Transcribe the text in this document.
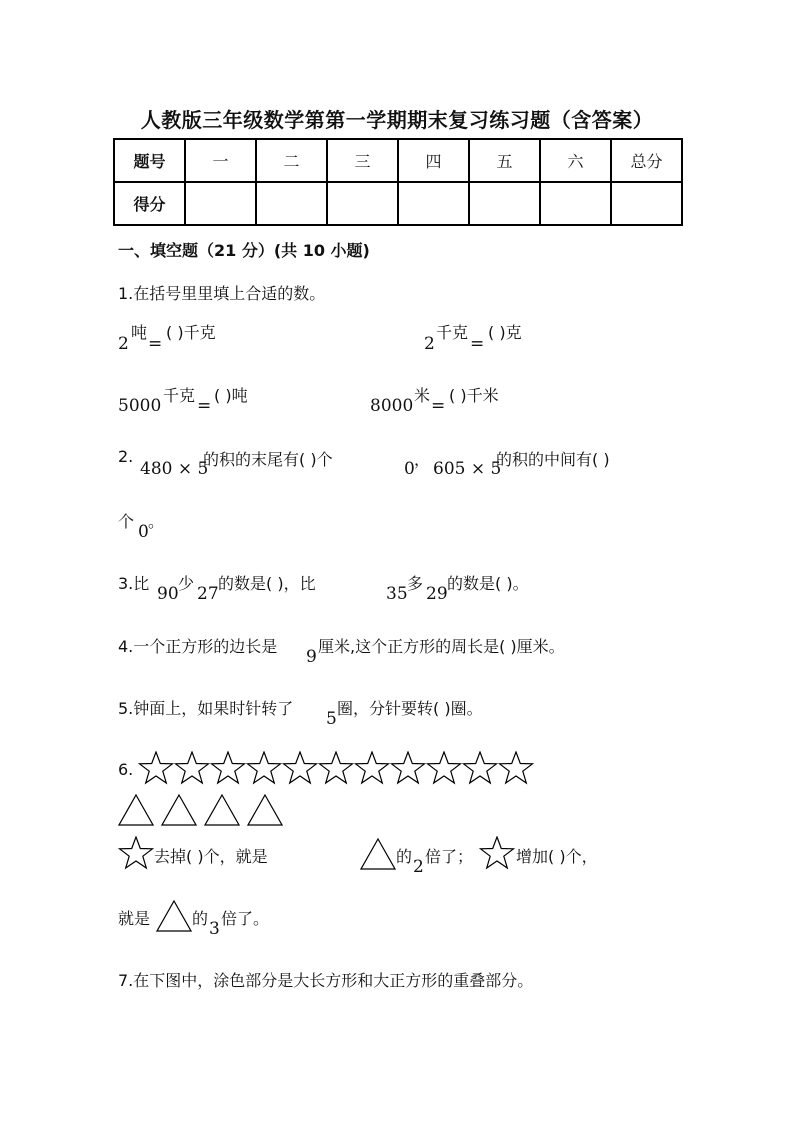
人教版三年级数学第第一学期期末复习练习题（含答案）
题号	一	二	三	四	五	六	总分
得分							
一、填空题（21 分）(共 10 小题)
1.在括号里里填上合适的数。
2
吨
=
( )千克
2
千克
=
( )克
5000
千克
=
( )吨
8000
米
=
( )千米
2.
480 × 5
的积的末尾有( )个	0 ， 605 × 5
的积的中间有( )
个
0
。
3.比
90
少
27
的数是( )，比
35
多
29
的数是( )。
4.一个正方形的边长是
9
厘米,这个正方形的周长是( )厘米。
5.钟面上，如果时针转了
5
圈，分针要转( )圈。
6.
去掉( )个，就是	的
2
倍了；	增加( )个，
就是	的
3
倍了。
7.在下图中，涂色部分是大长方形和大正方形的重叠部分。
